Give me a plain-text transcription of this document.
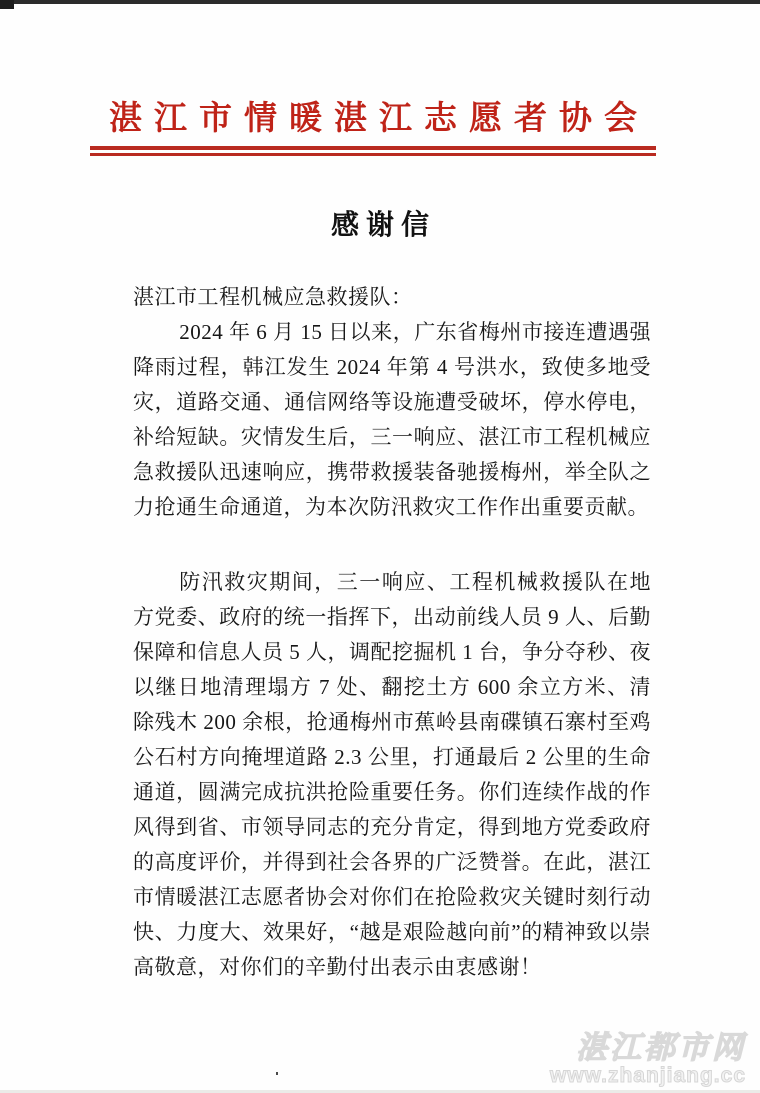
湛江市情暖湛江志愿者协会
感谢信
湛江市工程机械应急救援队：

2024 年 6 月 15 日以来，广东省梅州市接连遭遇强降雨过程，韩江发生 2024 年第 4 号洪水，致使多地受灾，道路交通、通信网络等设施遭受破坏，停水停电，补给短缺。灾情发生后，三一响应、湛江市工程机械应急救援队迅速响应，携带救援装备驰援梅州，举全队之力抢通生命通道，为本次防汛救灾工作作出重要贡献。

防汛救灾期间，三一响应、工程机械救援队在地方党委、政府的统一指挥下，出动前线人员 9 人、后勤保障和信息人员 5 人，调配挖掘机 1 台，争分夺秒、夜以继日地清理塌方 7 处、翻挖土方 600 余立方米、清除残木 200 余根，抢通梅州市蕉岭县南碟镇石寨村至鸡公石村方向掩埋道路 2.3 公里，打通最后 2 公里的生命通道，圆满完成抗洪抢险重要任务。你们连续作战的作风得到省、市领导同志的充分肯定，得到地方党委政府的高度评价，并得到社会各界的广泛赞誉。在此，湛江市情暖湛江志愿者协会对你们在抢险救灾关键时刻行动快、力度大、效果好，“越是艰险越向前”的精神致以崇高敬意，对你们的辛勤付出表示由衷感谢！

湛江都市网
www.zhanjiang.cc
